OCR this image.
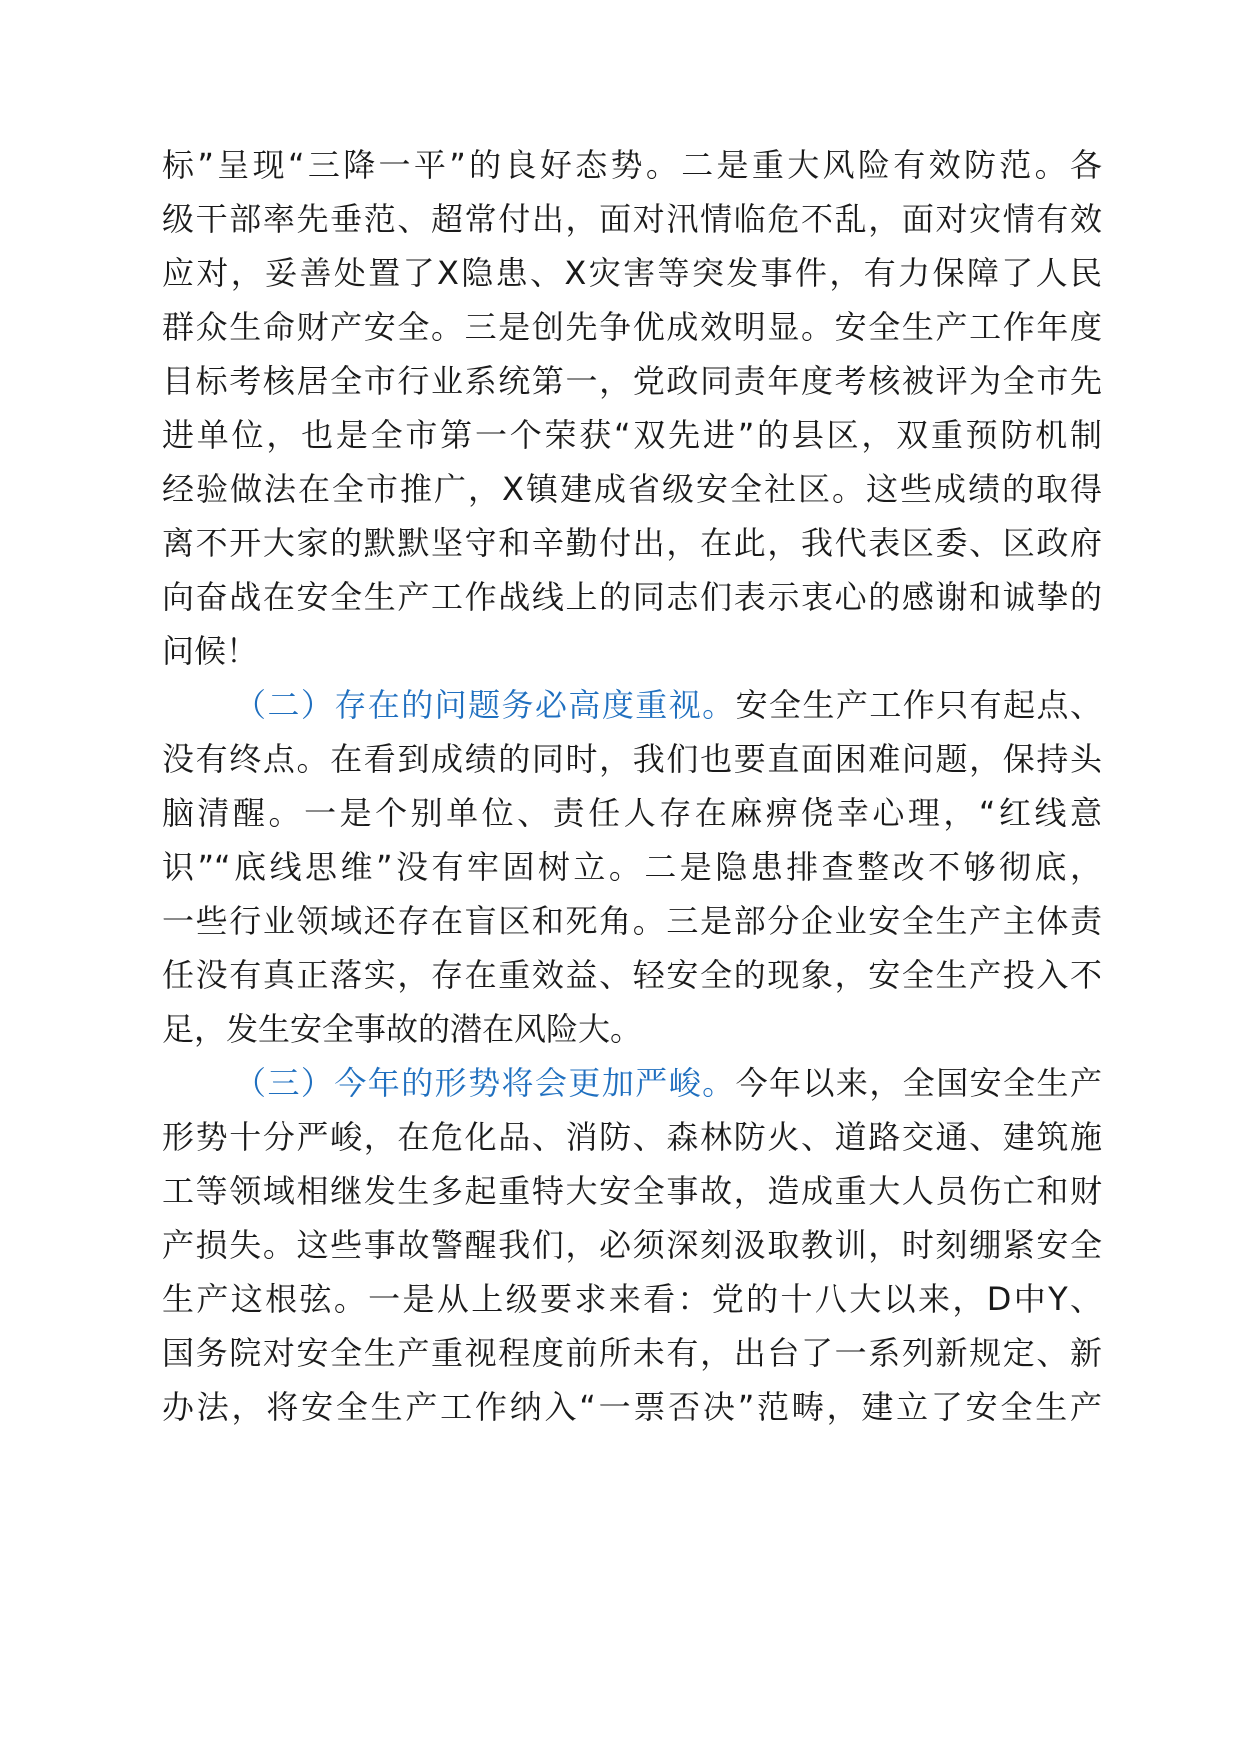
标”呈现“三降一平”的良好态势。二是重大风险有效防范。各
级干部率先垂范、超常付出，面对汛情临危不乱，面对灾情有效
应对，妥善处置了X隐患、X灾害等突发事件，有力保障了人民
群众生命财产安全。三是创先争优成效明显。安全生产工作年度
目标考核居全市行业系统第一，党政同责年度考核被评为全市先
进单位，也是全市第一个荣获“双先进”的县区，双重预防机制
经验做法在全市推广，X镇建成省级安全社区。这些成绩的取得
离不开大家的默默坚守和辛勤付出，在此，我代表区委、区政府
向奋战在安全生产工作战线上的同志们表示衷心的感谢和诚挚的
问候！
（二）存在的问题务必高度重视。安全生产工作只有起点、
没有终点。在看到成绩的同时，我们也要直面困难问题，保持头
脑清醒。一是个别单位、责任人存在麻痹侥幸心理，“红线意
识”“底线思维”没有牢固树立。二是隐患排查整改不够彻底，
一些行业领域还存在盲区和死角。三是部分企业安全生产主体责
任没有真正落实，存在重效益、轻安全的现象，安全生产投入不
足，发生安全事故的潜在风险大。
（三）今年的形势将会更加严峻。今年以来，全国安全生产
形势十分严峻，在危化品、消防、森林防火、道路交通、建筑施
工等领域相继发生多起重特大安全事故，造成重大人员伤亡和财
产损失。这些事故警醒我们，必须深刻汲取教训，时刻绷紧安全
生产这根弦。一是从上级要求来看：党的十八大以来，D中Y、
国务院对安全生产重视程度前所未有，出台了一系列新规定、新
办法，将安全生产工作纳入“一票否决”范畴，建立了安全生产
